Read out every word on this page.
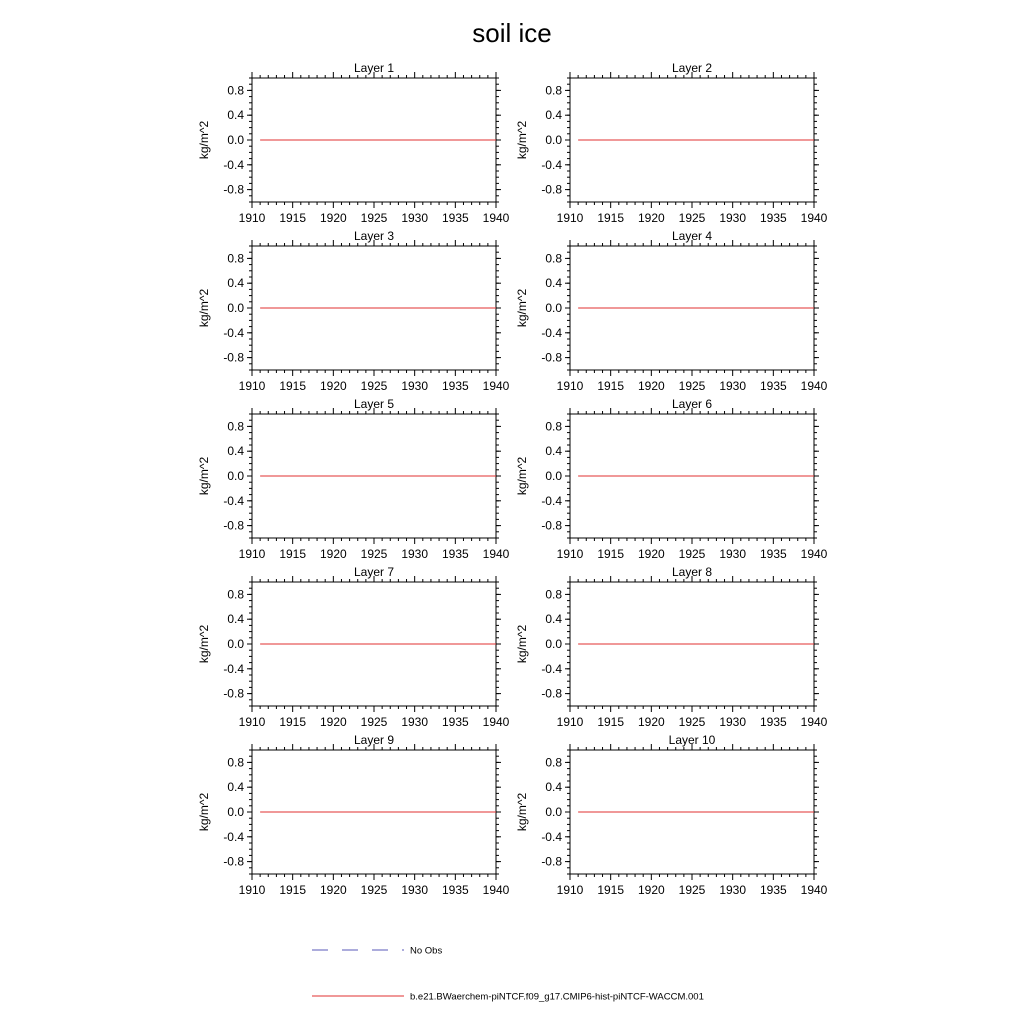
soil ice
Layer 1
1910 1915 1920 1925 1930 1935 1940
0.8
0.4
0.0
-0.4
-0.8
kg/m^2
Layer 2
1910 1915 1920 1925 1930 1935 1940
0.8
0.4
0.0
-0.4
-0.8
kg/m^2
Layer 3
1910 1915 1920 1925 1930 1935 1940
0.8
0.4
0.0
-0.4
-0.8
kg/m^2
Layer 4
1910 1915 1920 1925 1930 1935 1940
0.8
0.4
0.0
-0.4
-0.8
kg/m^2
Layer 5
1910 1915 1920 1925 1930 1935 1940
0.8
0.4
0.0
-0.4
-0.8
kg/m^2
Layer 6
1910 1915 1920 1925 1930 1935 1940
0.8
0.4
0.0
-0.4
-0.8
kg/m^2
Layer 7
1910 1915 1920 1925 1930 1935 1940
0.8
0.4
0.0
-0.4
-0.8
kg/m^2
Layer 8
1910 1915 1920 1925 1930 1935 1940
0.8
0.4
0.0
-0.4
-0.8
kg/m^2
Layer 9
1910 1915 1920 1925 1930 1935 1940
0.8
0.4
0.0
-0.4
-0.8
kg/m^2
Layer 10
1910 1915 1920 1925 1930 1935 1940
0.8
0.4
0.0
-0.4
-0.8
kg/m^2
No Obs
b.e21.BWaerchem-piNTCF.f09_g17.CMIP6-hist-piNTCF-WACCM.001
